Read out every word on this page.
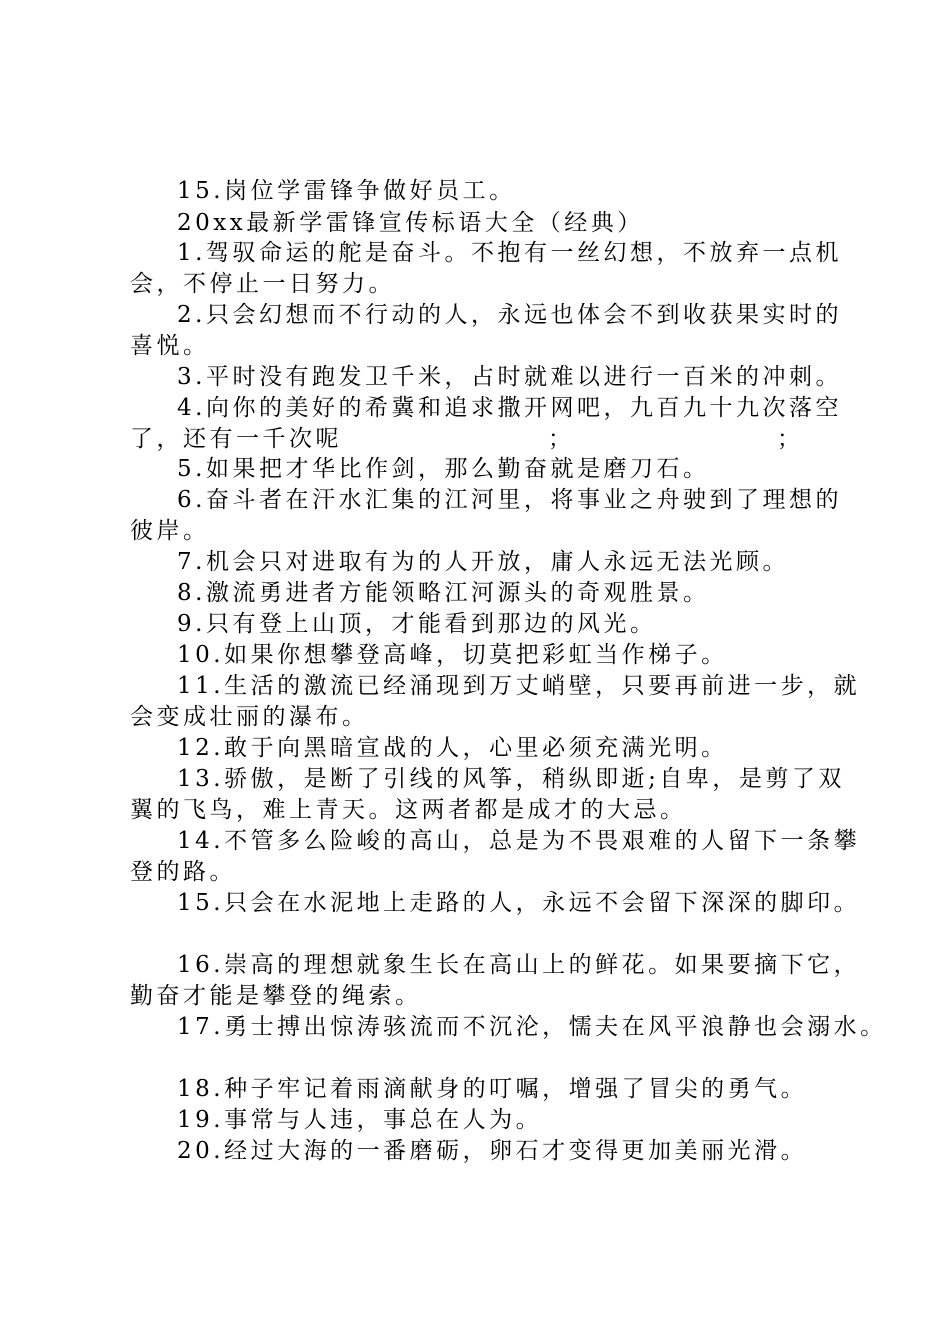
15.岗位学雷锋争做好员工。
20xx最新学雷锋宣传标语大全（经典）
1.驾驭命运的舵是奋斗。不抱有一丝幻想，不放弃一点机
会，不停止一日努力。
2.只会幻想而不行动的人，永远也体会不到收获果实时的
喜悦。
3.平时没有跑发卫千米，占时就难以进行一百米的冲刺。
4.向你的美好的希冀和追求撒开网吧，九百九十九次落空
了，还有一千次呢	；	；
5.如果把才华比作剑，那么勤奋就是磨刀石。
6.奋斗者在汗水汇集的江河里，将事业之舟驶到了理想的
彼岸。
7.机会只对进取有为的人开放，庸人永远无法光顾。
8.激流勇进者方能领略江河源头的奇观胜景。
9.只有登上山顶，才能看到那边的风光。
10.如果你想攀登高峰，切莫把彩虹当作梯子。
11.生活的激流已经涌现到万丈峭壁，只要再前进一步，就
会变成壮丽的瀑布。
12.敢于向黑暗宣战的人，心里必须充满光明。
13.骄傲，是断了引线的风筝，稍纵即逝;自卑，是剪了双
翼的飞鸟，难上青天。这两者都是成才的大忌。
14.不管多么险峻的高山，总是为不畏艰难的人留下一条攀
登的路。
15.只会在水泥地上走路的人，永远不会留下深深的脚印。
16.崇高的理想就象生长在高山上的鲜花。如果要摘下它，
勤奋才能是攀登的绳索。
17.勇士搏出惊涛骇流而不沉沦，懦夫在风平浪静也会溺水。
18.种子牢记着雨滴献身的叮嘱，增强了冒尖的勇气。
19.事常与人违，事总在人为。
20.经过大海的一番磨砺，卵石才变得更加美丽光滑。
